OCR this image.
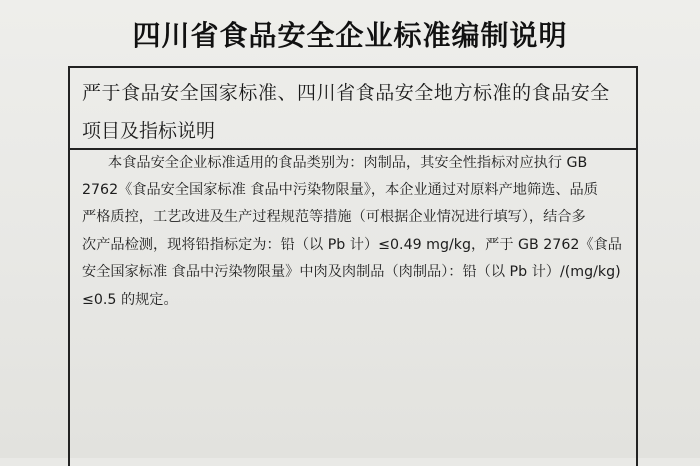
四川省食品安全企业标准编制说明
严于食品安全国家标准、四川省食品安全地方标准的食品安全
项目及指标说明
本食品安全企业标准适用的食品类别为：肉制品，其安全性指标对应执行 GB
2762《食品安全国家标准 食品中污染物限量》，本企业通过对原料产地筛选、品质
严格质控，工艺改进及生产过程规范等措施（可根据企业情况进行填写），结合多
次产品检测，现将铅指标定为：铅（以 Pb 计）≤0.49 mg/kg，严于 GB 2762《食品
安全国家标准 食品中污染物限量》中肉及肉制品（肉制品）：铅（以 Pb 计）/(mg/kg)
≤0.5 的规定。
